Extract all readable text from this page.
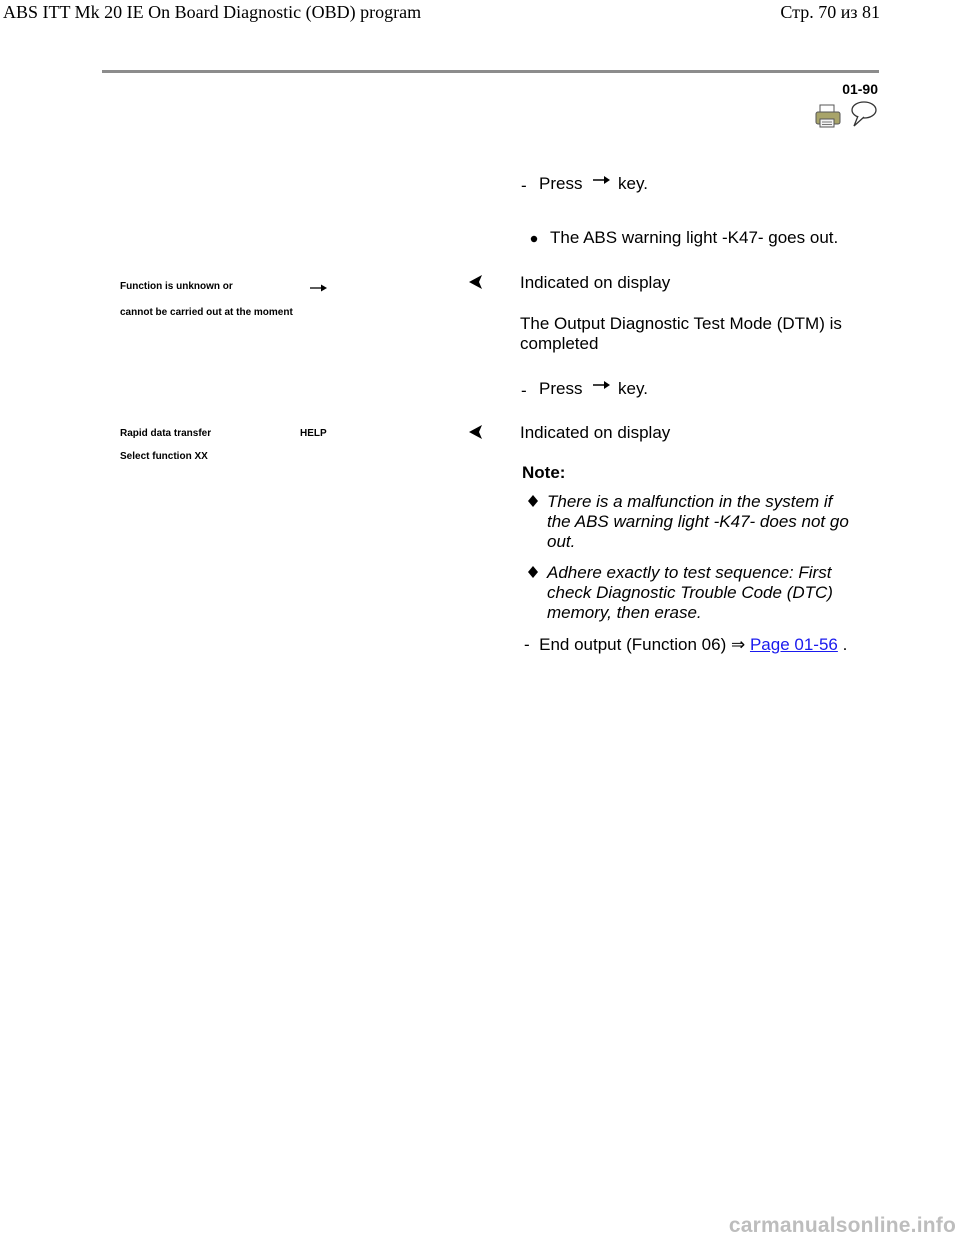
ABS ITT Mk 20 IE On Board Diagnostic (OBD) program	Стр. 70 из 81
01-90
- Press key.
The ABS warning light -K47- goes out.
Function is unknown or
cannot be carried out at the moment
Indicated on display
The Output Diagnostic Test Mode (DTM) is
completed
- Press key.
Rapid data transfer	HELP
Select function XX
Indicated on display
Note:
There is a malfunction in the system if
the ABS warning light -K47- does not go
out.
Adhere exactly to test sequence: First
check Diagnostic Trouble Code (DTC)
memory, then erase.
- End output (Function 06) ⇒ Page 01-56 .
carmanualsonline.info
